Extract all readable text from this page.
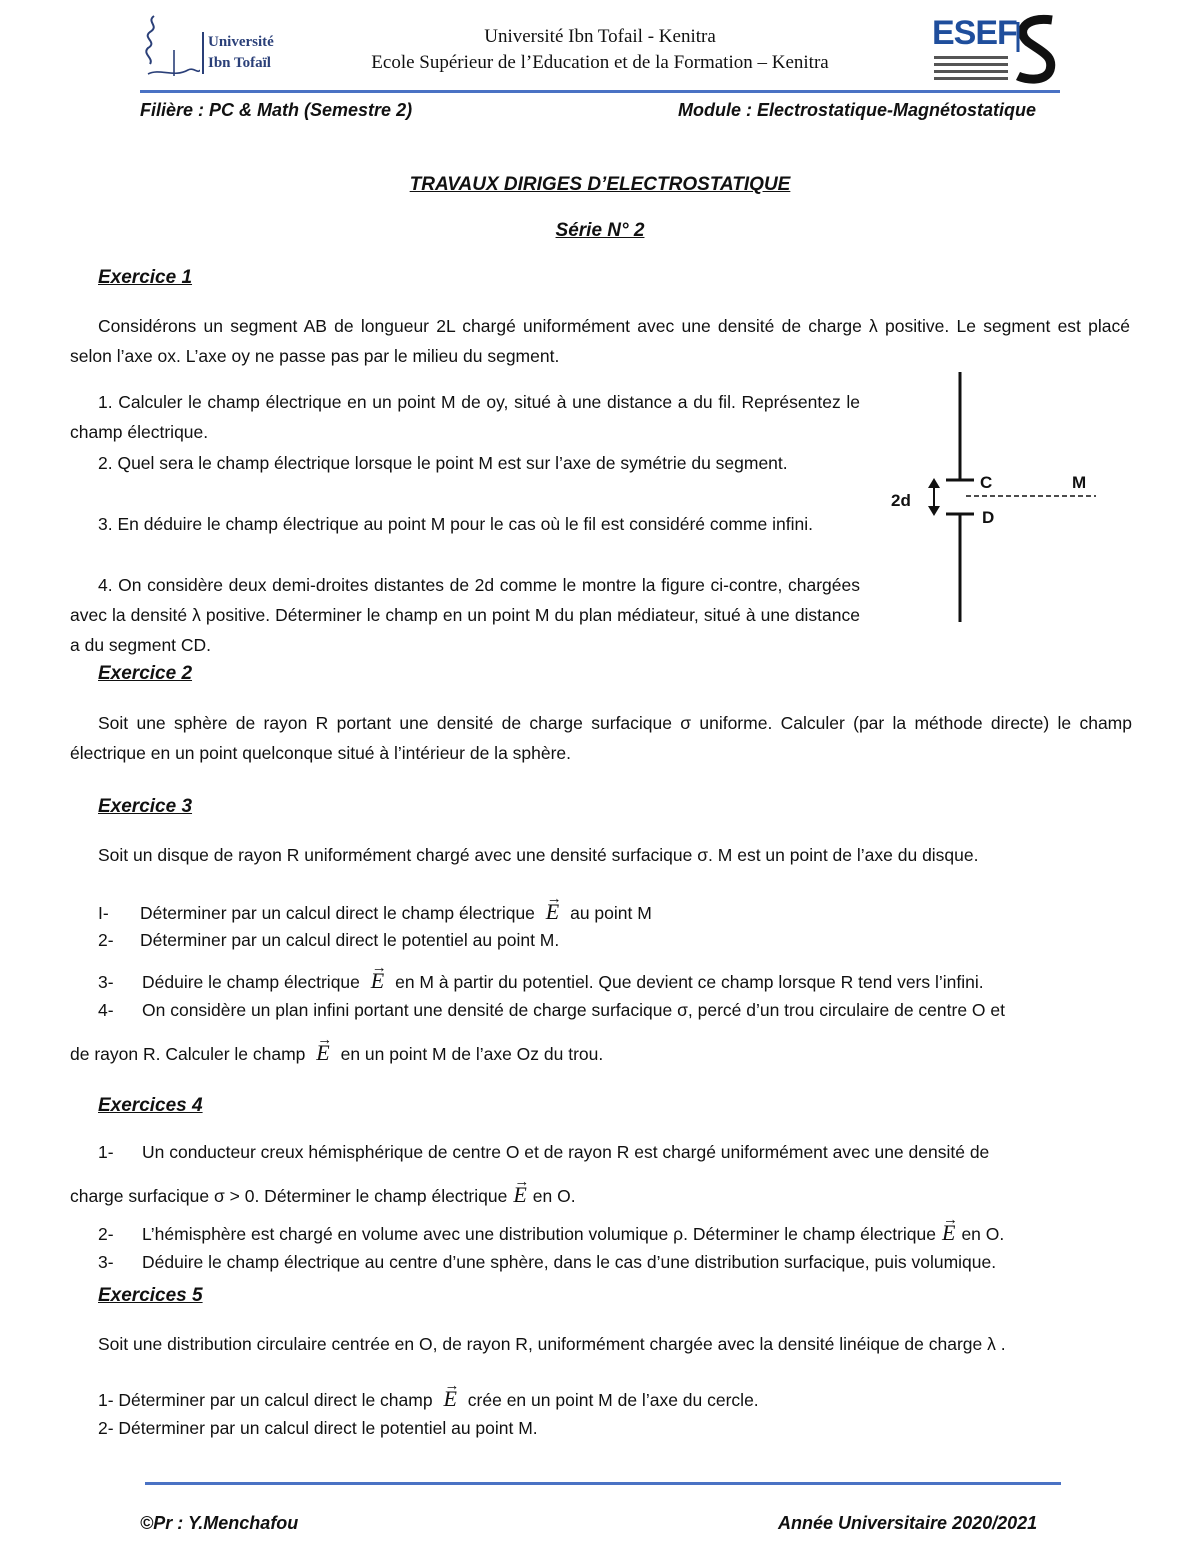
Université
Ibn Tofaïl
Université Ibn Tofail - Kenitra
Ecole Supérieur de l’Education et de la Formation – Kenitra
ESEF
Filière : PC & Math (Semestre 2)	Module : Electrostatique-Magnétostatique
TRAVAUX DIRIGES D’ELECTROSTATIQUE
Série N° 2
Exercice 1
Considérons un segment AB de longueur 2L chargé uniformément avec une densité de charge λ positive. Le segment est placé selon l’axe ox. L’axe oy ne passe pas par le milieu du segment.
1. Calculer le champ électrique en un point M de oy, situé à une distance a du fil. Représentez le champ électrique.
2. Quel sera le champ électrique lorsque le point M est sur l’axe de symétrie du segment.
3. En déduire le champ électrique au point M pour le cas où le fil est considéré comme infini.
4. On considère deux demi-droites distantes de 2d comme le montre la figure ci-contre, chargées avec la densité λ positive. Déterminer le champ en un point M du plan médiateur, situé à une distance a du segment CD.
2d
C
D
M
Exercice 2
Soit une sphère de rayon R portant une densité de charge surfacique σ uniforme. Calculer (par la méthode directe) le champ électrique en un point quelconque situé à l’intérieur de la sphère.
Exercice 3
Soit un disque de rayon R uniformément chargé avec une densité surfacique σ. M est un point de l’axe du disque.
I- Déterminer par un calcul direct le champ électrique → E au point M
2- Déterminer par un calcul direct le potentiel au point M.
3- Déduire le champ électrique → E en M à partir du potentiel. Que devient ce champ lorsque R tend vers l’infini.
4- On considère un plan infini portant une densité de charge surfacique σ, percé d’un trou circulaire de centre O et
de rayon R. Calculer le champ → E en un point M de l’axe Oz du trou.
Exercices 4
1- Un conducteur creux hémisphérique de centre O et de rayon R est chargé uniformément avec une densité de
charge surfacique σ > 0. Déterminer le champ électrique → E en O.
2- L’hémisphère est chargé en volume avec une distribution volumique ρ. Déterminer le champ électrique → E en O.
3- Déduire le champ électrique au centre d’une sphère, dans le cas d’une distribution surfacique, puis volumique.
Exercices 5
Soit une distribution circulaire centrée en O, de rayon R, uniformément chargée avec la densité linéique de charge λ .
1- Déterminer par un calcul direct le champ → E crée en un point M de l’axe du cercle.
2- Déterminer par un calcul direct le potentiel au point M.
©Pr : Y.Menchafou	Année Universitaire 2020/2021
